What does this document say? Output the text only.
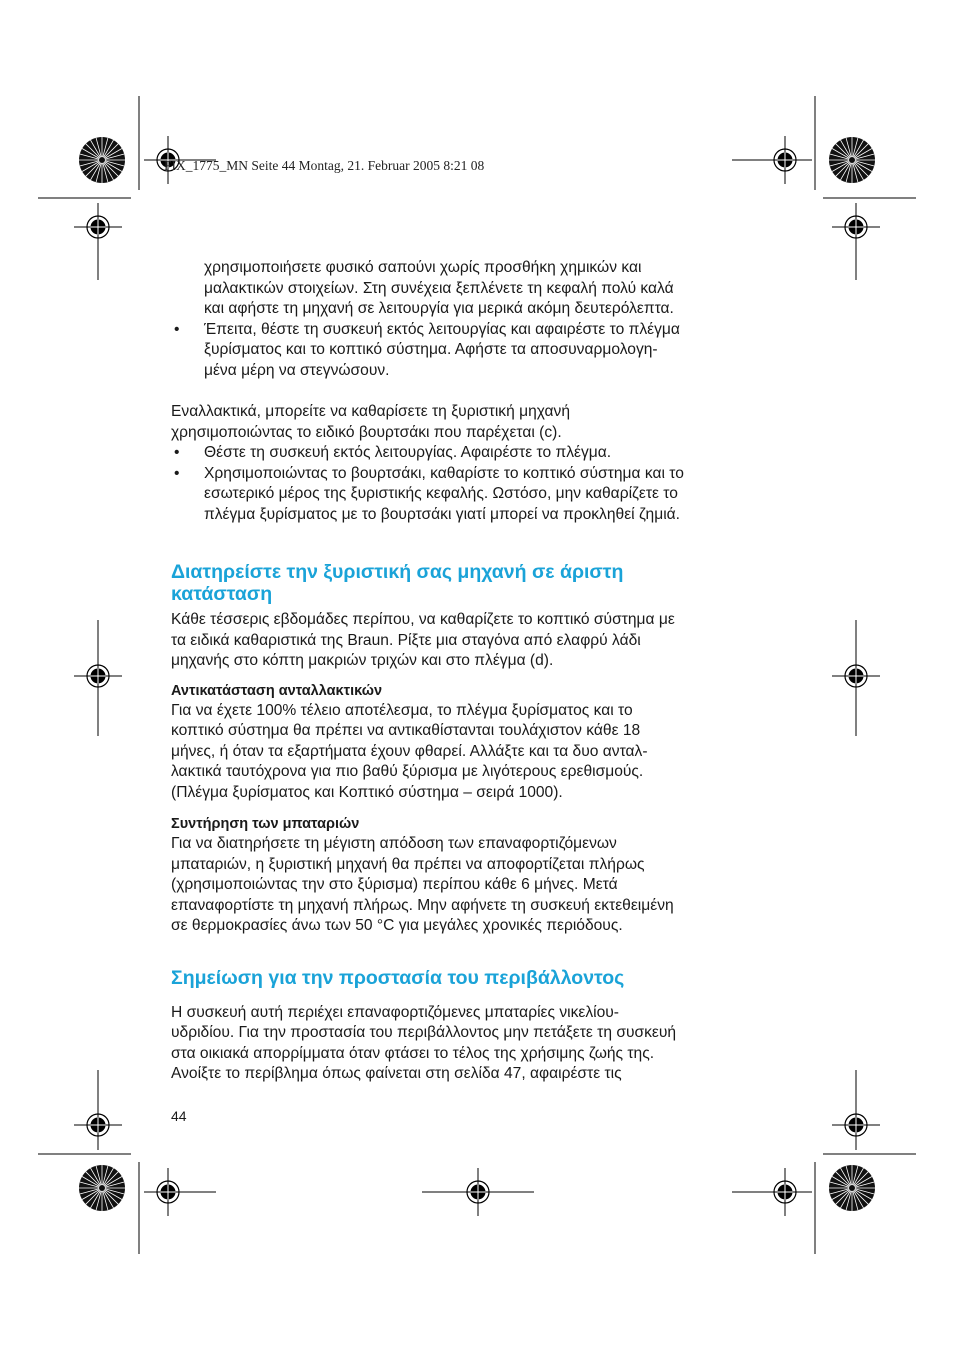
FIX_1775_MN Seite 44 Montag, 21. Februar 2005 8:21 08

χρησιμοποιήσετε φυσικό σαπούνι χωρίς προσθήκη χημικών και

μαλακτικών στοιχείων. Στη συνέχεια ξεπλένετε τη κεφαλή πολύ καλά

και αφήστε τη μηχανή σε λειτουργία για μερικά ακόμη δευτερόλεπτα.

• Έπειτα, θέστε τη συσκευή εκτός λειτουργίας και αφαιρέστε το πλέγμα

ξυρίσματος και το κοπτικό σύστημα. Αφήστε τα αποσυναρμολογη-

μένα μέρη να στεγνώσουν.

Εναλλακτικά, μπορείτε να καθαρίσετε τη ξυριστική μηχανή

χρησιμοποιώντας το ειδικό βουρτσάκι που παρέχεται (c).

• Θέστε τη συσκευή εκτός λειτουργίας. Αφαιρέστε το πλέγμα.

• Χρησιμοποιώντας το βουρτσάκι, καθαρίστε το κοπτικό σύστημα και το

εσωτερικό μέρος της ξυριστικής κεφαλής. Ωστόσο, μην καθαρίζετε το

πλέγμα ξυρίσματος με το βουρτσάκι γιατί μπορεί να προκληθεί ζημιά.

Διατηρείστε την ξυριστική σας μηχανή σε άριστη
κατάσταση

Κάθε τέσσερις εβδομάδες περίπου, να καθαρίζετε το κοπτικό σύστημα με

τα ειδικά καθαριστικά της Braun. Ρίξτε μια σταγόνα από ελαφρύ λάδι

μηχανής στο κόπτη μακριών τριχών και στο πλέγμα (d).

Αντικατάσταση ανταλλακτικών

Για να έχετε 100% τέλειο αποτέλεσμα, το πλέγμα ξυρίσματος και το

κοπτικό σύστημα θα πρέπει να αντικαθίστανται τουλάχιστον κάθε 18

μήνες, ή όταν τα εξαρτήματα έχουν φθαρεί. Αλλάξτε και τα δυο ανταλ-

λακτικά ταυτόχρονα για πιο βαθύ ξύρισμα με λιγότερους ερεθισμούς.

(Πλέγμα ξυρίσματος και Κοπτικό σύστημα – σειρά 1000).

Συντήρηση των μπαταριών

Για να διατηρήσετε τη μέγιστη απόδοση των επαναφορτιζόμενων

μπαταριών, η ξυριστική μηχανή θα πρέπει να αποφορτίζεται πλήρως

(χρησιμοποιώντας την στο ξύρισμα) περίπου κάθε 6 μήνες. Μετά

επαναφορτίστε τη μηχανή πλήρως. Μην αφήνετε τη συσκευή εκτεθειμένη

σε θερμοκρασίες άνω των 50 °C για μεγάλες χρονικές περιόδους.

Σημείωση για την προστασία του περιβάλλοντος

Η συσκευή αυτή περιέχει επαναφορτιζόμενες μπαταρίες νικελίου-

υδριδίου. Για την προστασία του περιβάλλοντος μην πετάξετε τη συσκευή

στα οικιακά απορρίμματα όταν φτάσει το τέλος της χρήσιμης ζωής της.

Ανοίξτε το περίβλημα όπως φαίνεται στη σελίδα 47, αφαιρέστε τις

44
